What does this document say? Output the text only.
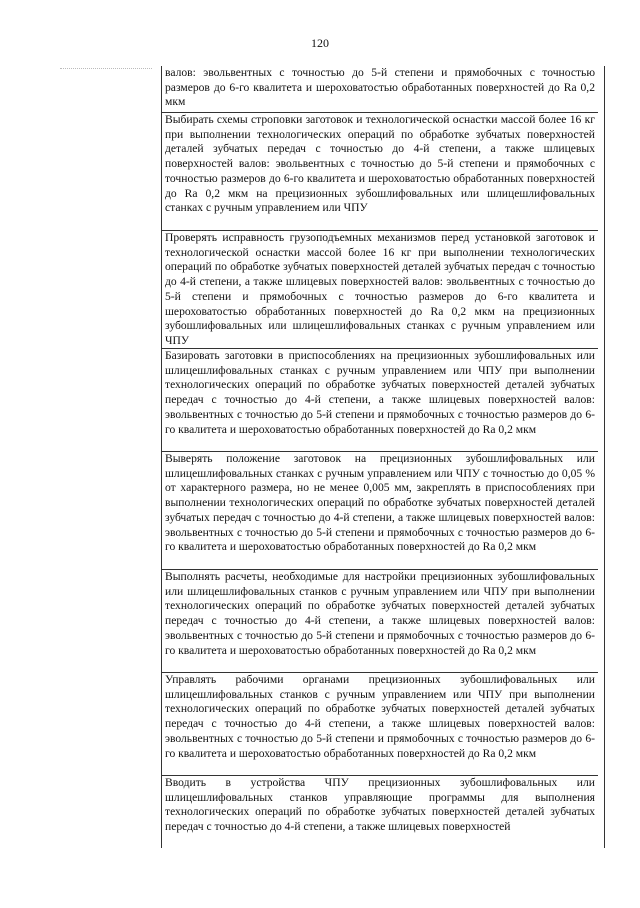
120
валов: эвольвентных с точностью до 5-й степени и прямобочных с точностью размеров до 6-го квалитета и шероховатостью обработанных поверхностей до Ra 0,2 мкм
Выбирать схемы строповки заготовок и технологической оснастки массой более 16 кг при выполнении технологических операций по обработке зубчатых поверхностей деталей зубчатых передач с точностью до 4-й степени, а также шлицевых поверхностей валов: эвольвентных с точностью до 5-й степени и прямобочных с точностью размеров до 6-го квалитета и шероховатостью обработанных поверхностей до Ra 0,2 мкм на прецизионных зубошлифовальных или шлицешлифовальных станках с ручным управлением или ЧПУ
Проверять исправность грузоподъемных механизмов перед установкой заготовок и технологической оснастки массой более 16 кг при выполнении технологических операций по обработке зубчатых поверхностей деталей зубчатых передач с точностью до 4-й степени, а также шлицевых поверхностей валов: эвольвентных с точностью до 5-й степени и прямобочных с точностью размеров до 6-го квалитета и шероховатостью обработанных поверхностей до Ra 0,2 мкм на прецизионных зубошлифовальных или шлицешлифовальных станках с ручным управлением или ЧПУ
Базировать заготовки в приспособлениях на прецизионных зубошлифовальных или шлицешлифовальных станках с ручным управлением или ЧПУ при выполнении технологических операций по обработке зубчатых поверхностей деталей зубчатых передач с точностью до 4-й степени, а также шлицевых поверхностей валов: эвольвентных с точностью до 5-й степени и прямобочных с точностью размеров до 6-го квалитета и шероховатостью обработанных поверхностей до Ra 0,2 мкм
Выверять положение заготовок на прецизионных зубошлифовальных или шлицешлифовальных станках с ручным управлением или ЧПУ с точностью до 0,05 % от характерного размера, но не менее 0,005 мм, закреплять в приспособлениях при выполнении технологических операций по обработке зубчатых поверхностей деталей зубчатых передач с точностью до 4-й степени, а также шлицевых поверхностей валов: эвольвентных с точностью до 5-й степени и прямобочных с точностью размеров до 6-го квалитета и шероховатостью обработанных поверхностей до Ra 0,2 мкм
Выполнять расчеты, необходимые для настройки прецизионных зубошлифовальных или шлицешлифовальных станков с ручным управлением или ЧПУ при выполнении технологических операций по обработке зубчатых поверхностей деталей зубчатых передач с точностью до 4-й степени, а также шлицевых поверхностей валов: эвольвентных с точностью до 5-й степени и прямобочных с точностью размеров до 6-го квалитета и шероховатостью обработанных поверхностей до Ra 0,2 мкм
Управлять рабочими органами прецизионных зубошлифовальных или шлицешлифовальных станков с ручным управлением или ЧПУ при выполнении технологических операций по обработке зубчатых поверхностей деталей зубчатых передач с точностью до 4-й степени, а также шлицевых поверхностей валов: эвольвентных с точностью до 5-й степени и прямобочных с точностью размеров до 6-го квалитета и шероховатостью обработанных поверхностей до Ra 0,2 мкм
Вводить в устройства ЧПУ прецизионных зубошлифовальных или шлицешлифовальных станков управляющие программы для выполнения технологических операций по обработке зубчатых поверхностей деталей зубчатых передач с точностью до 4-й степени, а также шлицевых поверхностей
